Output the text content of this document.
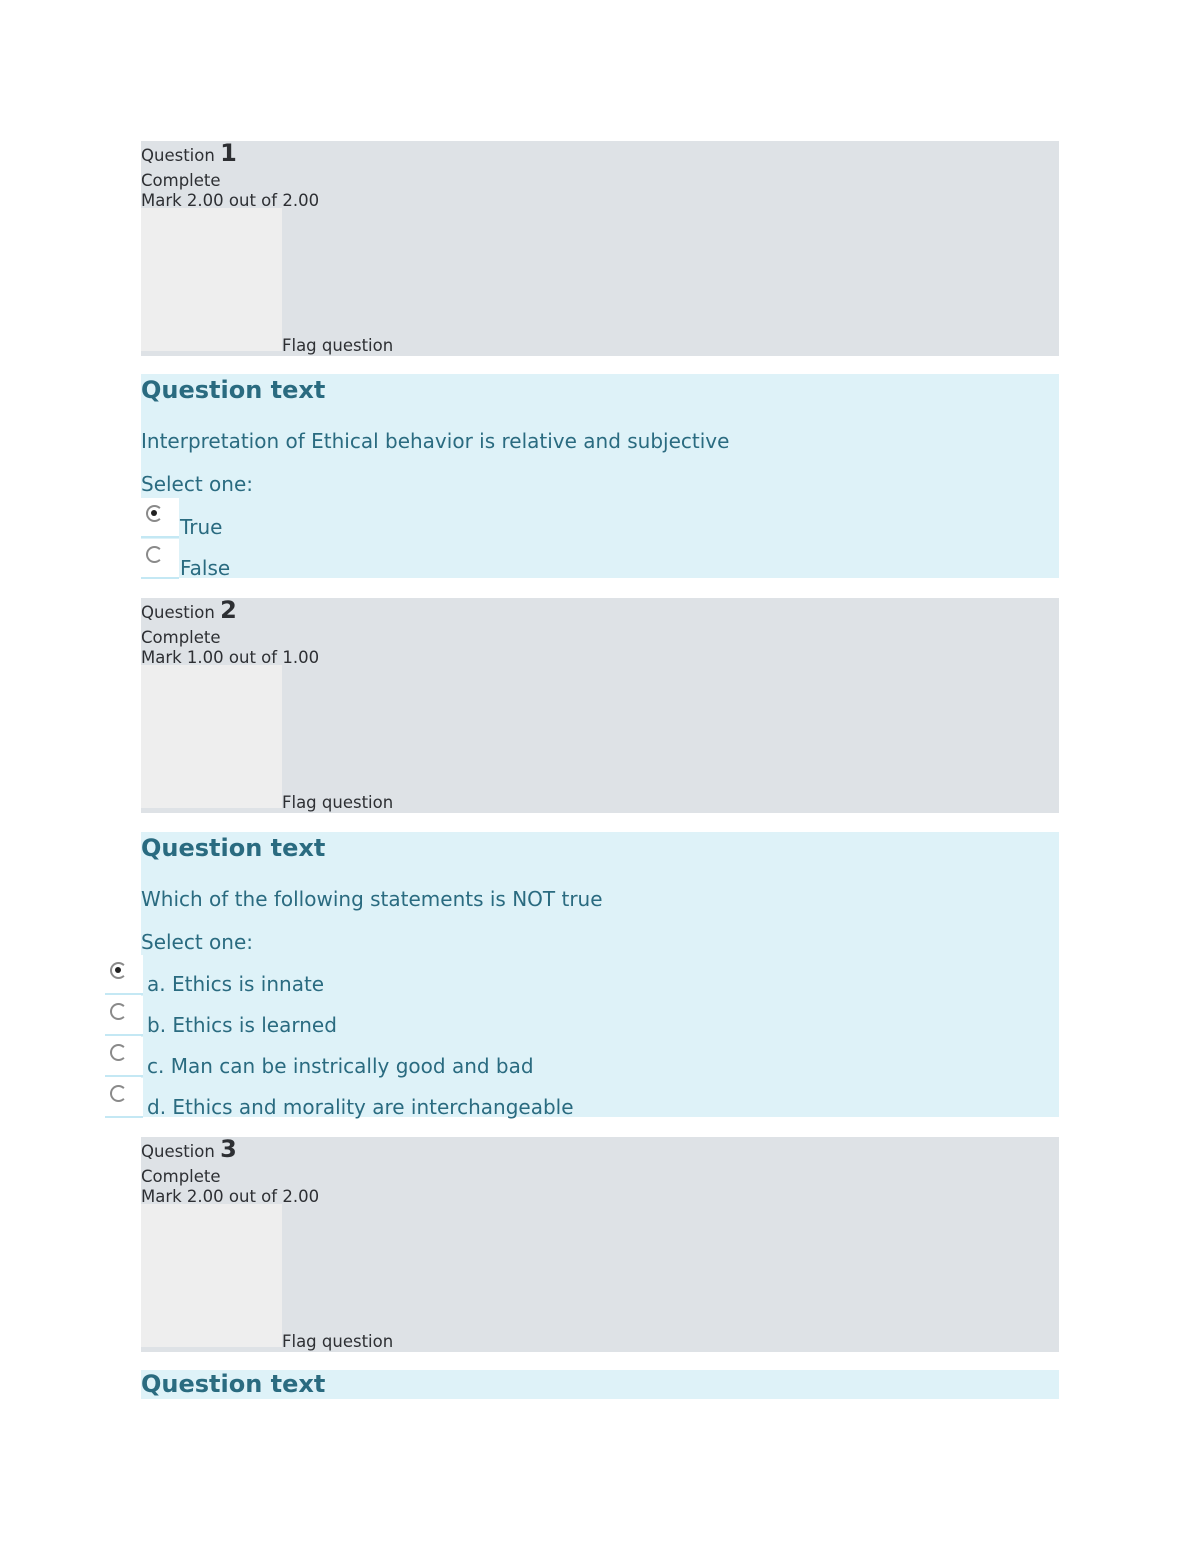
Question 1
Complete
Mark 2.00 out of 2.00
Flag question
Question text
Interpretation of Ethical behavior is relative and subjective
Select one:
True
False
Question 2
Complete
Mark 1.00 out of 1.00
Flag question
Question text
Which of the following statements is NOT true
Select one:
a. Ethics is innate
b. Ethics is learned
c. Man can be instrically good and bad
d. Ethics and morality are interchangeable
Question 3
Complete
Mark 2.00 out of 2.00
Flag question
Question text
